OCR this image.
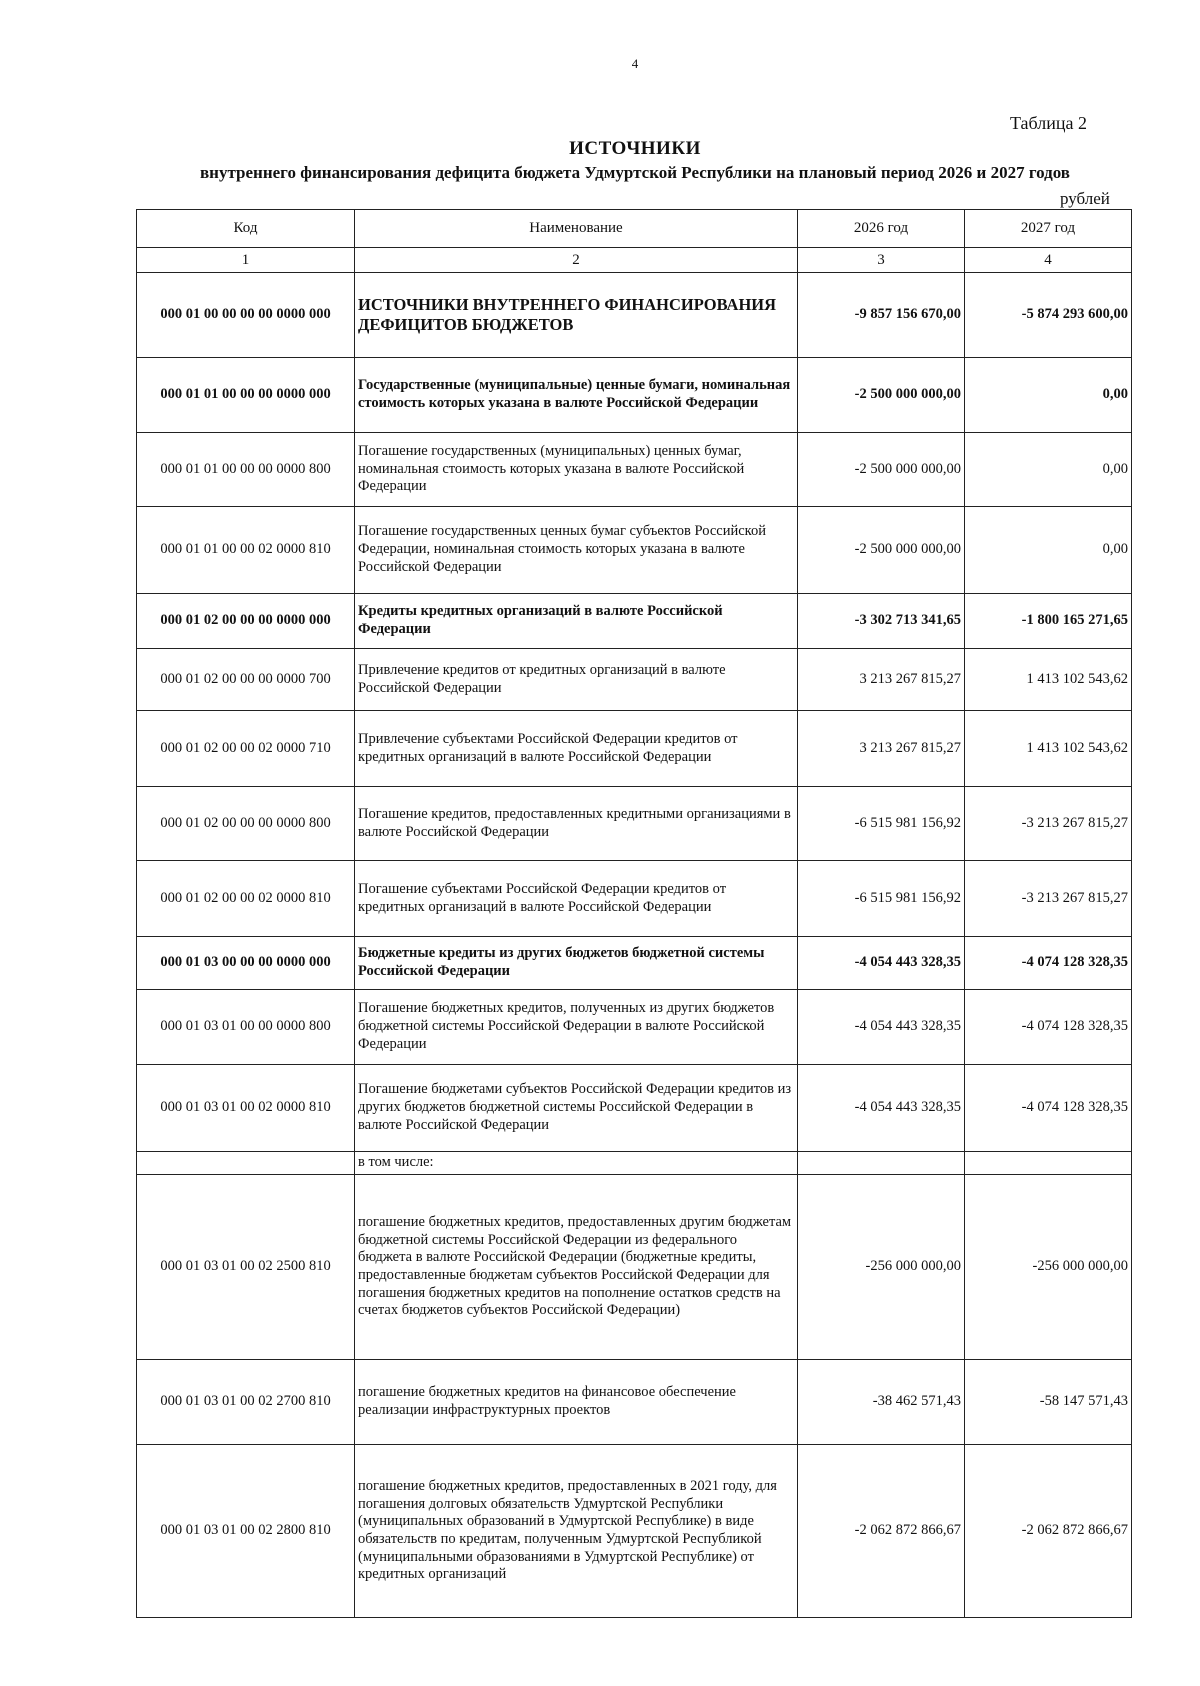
4
Таблица 2
ИСТОЧНИКИ
внутреннего финансирования дефицита бюджета Удмуртской Республики на плановый период 2026 и 2027 годов
рублей
Код	Наименование	2026 год	2027 год
1	2	3	4
000 01 00 00 00 00 0000 000	ИСТОЧНИКИ ВНУТРЕННЕГО ФИНАНСИРОВАНИЯ ДЕФИЦИТОВ БЮДЖЕТОВ	-9 857 156 670,00	-5 874 293 600,00
000 01 01 00 00 00 0000 000	Государственные (муниципальные) ценные бумаги, номинальная стоимость которых указана в валюте Российской Федерации	-2 500 000 000,00	0,00
000 01 01 00 00 00 0000 800	Погашение государственных (муниципальных) ценных бумаг, номинальная стоимость которых указана в валюте Российской Федерации	-2 500 000 000,00	0,00
000 01 01 00 00 02 0000 810	Погашение государственных ценных бумаг субъектов Российской Федерации, номинальная стоимость которых указана в валюте Российской Федерации	-2 500 000 000,00	0,00
000 01 02 00 00 00 0000 000	Кредиты кредитных организаций в валюте Российской Федерации	-3 302 713 341,65	-1 800 165 271,65
000 01 02 00 00 00 0000 700	Привлечение кредитов от кредитных организаций в валюте Российской Федерации	3 213 267 815,27	1 413 102 543,62
000 01 02 00 00 02 0000 710	Привлечение субъектами Российской Федерации кредитов от кредитных организаций в валюте Российской Федерации	3 213 267 815,27	1 413 102 543,62
000 01 02 00 00 00 0000 800	Погашение кредитов, предоставленных кредитными организациями в валюте Российской Федерации	-6 515 981 156,92	-3 213 267 815,27
000 01 02 00 00 02 0000 810	Погашение субъектами Российской Федерации кредитов от кредитных организаций в валюте Российской Федерации	-6 515 981 156,92	-3 213 267 815,27
000 01 03 00 00 00 0000 000	Бюджетные кредиты из других бюджетов бюджетной системы Российской Федерации	-4 054 443 328,35	-4 074 128 328,35
000 01 03 01 00 00 0000 800	Погашение бюджетных кредитов, полученных из других бюджетов бюджетной системы Российской Федерации в валюте Российской Федерации	-4 054 443 328,35	-4 074 128 328,35
000 01 03 01 00 02 0000 810	Погашение бюджетами субъектов Российской Федерации кредитов из других бюджетов бюджетной системы Российской Федерации в валюте Российской Федерации	-4 054 443 328,35	-4 074 128 328,35
	в том числе:		
000 01 03 01 00 02 2500 810	погашение бюджетных кредитов, предоставленных другим бюджетам бюджетной системы Российской Федерации из федерального бюджета в валюте Российской Федерации (бюджетные кредиты, предоставленные бюджетам субъектов Российской Федерации для погашения бюджетных кредитов на пополнение остатков средств на счетах бюджетов субъектов Российской Федерации)	-256 000 000,00	-256 000 000,00
000 01 03 01 00 02 2700 810	погашение бюджетных кредитов на финансовое обеспечение реализации инфраструктурных проектов	-38 462 571,43	-58 147 571,43
000 01 03 01 00 02 2800 810	погашение бюджетных кредитов, предоставленных в 2021 году, для погашения долговых обязательств Удмуртской Республики (муниципальных образований в Удмуртской Республике) в виде обязательств по кредитам, полученным Удмуртской Республикой (муниципальными образованиями в Удмуртской Республике) от кредитных организаций	-2 062 872 866,67	-2 062 872 866,67
